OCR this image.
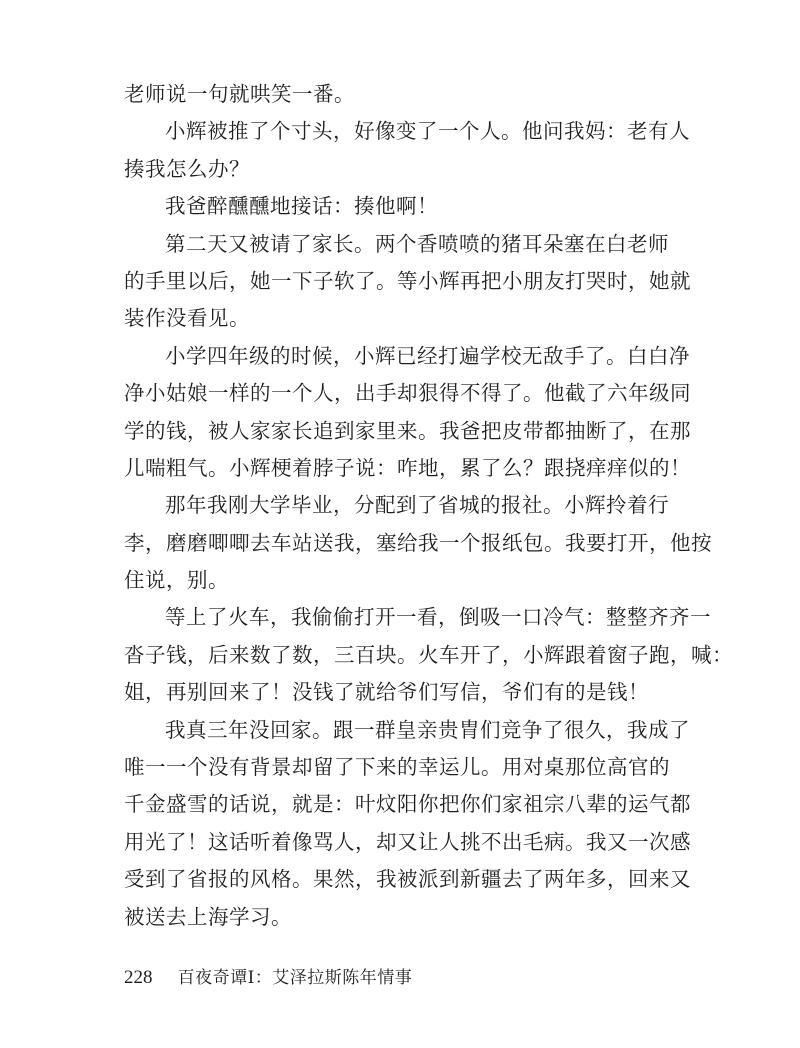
老师说一句就哄笑一番。
小辉被推了个寸头，好像变了一个人。他问我妈：老有人
揍我怎么办？
我爸醉醺醺地接话：揍他啊！
第二天又被请了家长。两个香喷喷的猪耳朵塞在白老师
的手里以后，她一下子软了。等小辉再把小朋友打哭时，她就
装作没看见。
小学四年级的时候，小辉已经打遍学校无敌手了。白白净
净小姑娘一样的一个人，出手却狠得不得了。他截了六年级同
学的钱，被人家家长追到家里来。我爸把皮带都抽断了，在那
儿喘粗气。小辉梗着脖子说：咋地，累了么？跟挠痒痒似的！
那年我刚大学毕业，分配到了省城的报社。小辉拎着行
李，磨磨唧唧去车站送我，塞给我一个报纸包。我要打开，他按
住说，别。
等上了火车，我偷偷打开一看，倒吸一口冷气：整整齐齐一
沓子钱，后来数了数，三百块。火车开了，小辉跟着窗子跑，喊：
姐，再别回来了！没钱了就给爷们写信，爷们有的是钱！
我真三年没回家。跟一群皇亲贵胄们竞争了很久，我成了
唯一一个没有背景却留了下来的幸运儿。用对桌那位高官的
千金盛雪的话说，就是：叶炆阳你把你们家祖宗八辈的运气都
用光了！这话听着像骂人，却又让人挑不出毛病。我又一次感
受到了省报的风格。果然，我被派到新疆去了两年多，回来又
被送去上海学习。
228 百夜奇谭Ⅰ：艾泽拉斯陈年情事
